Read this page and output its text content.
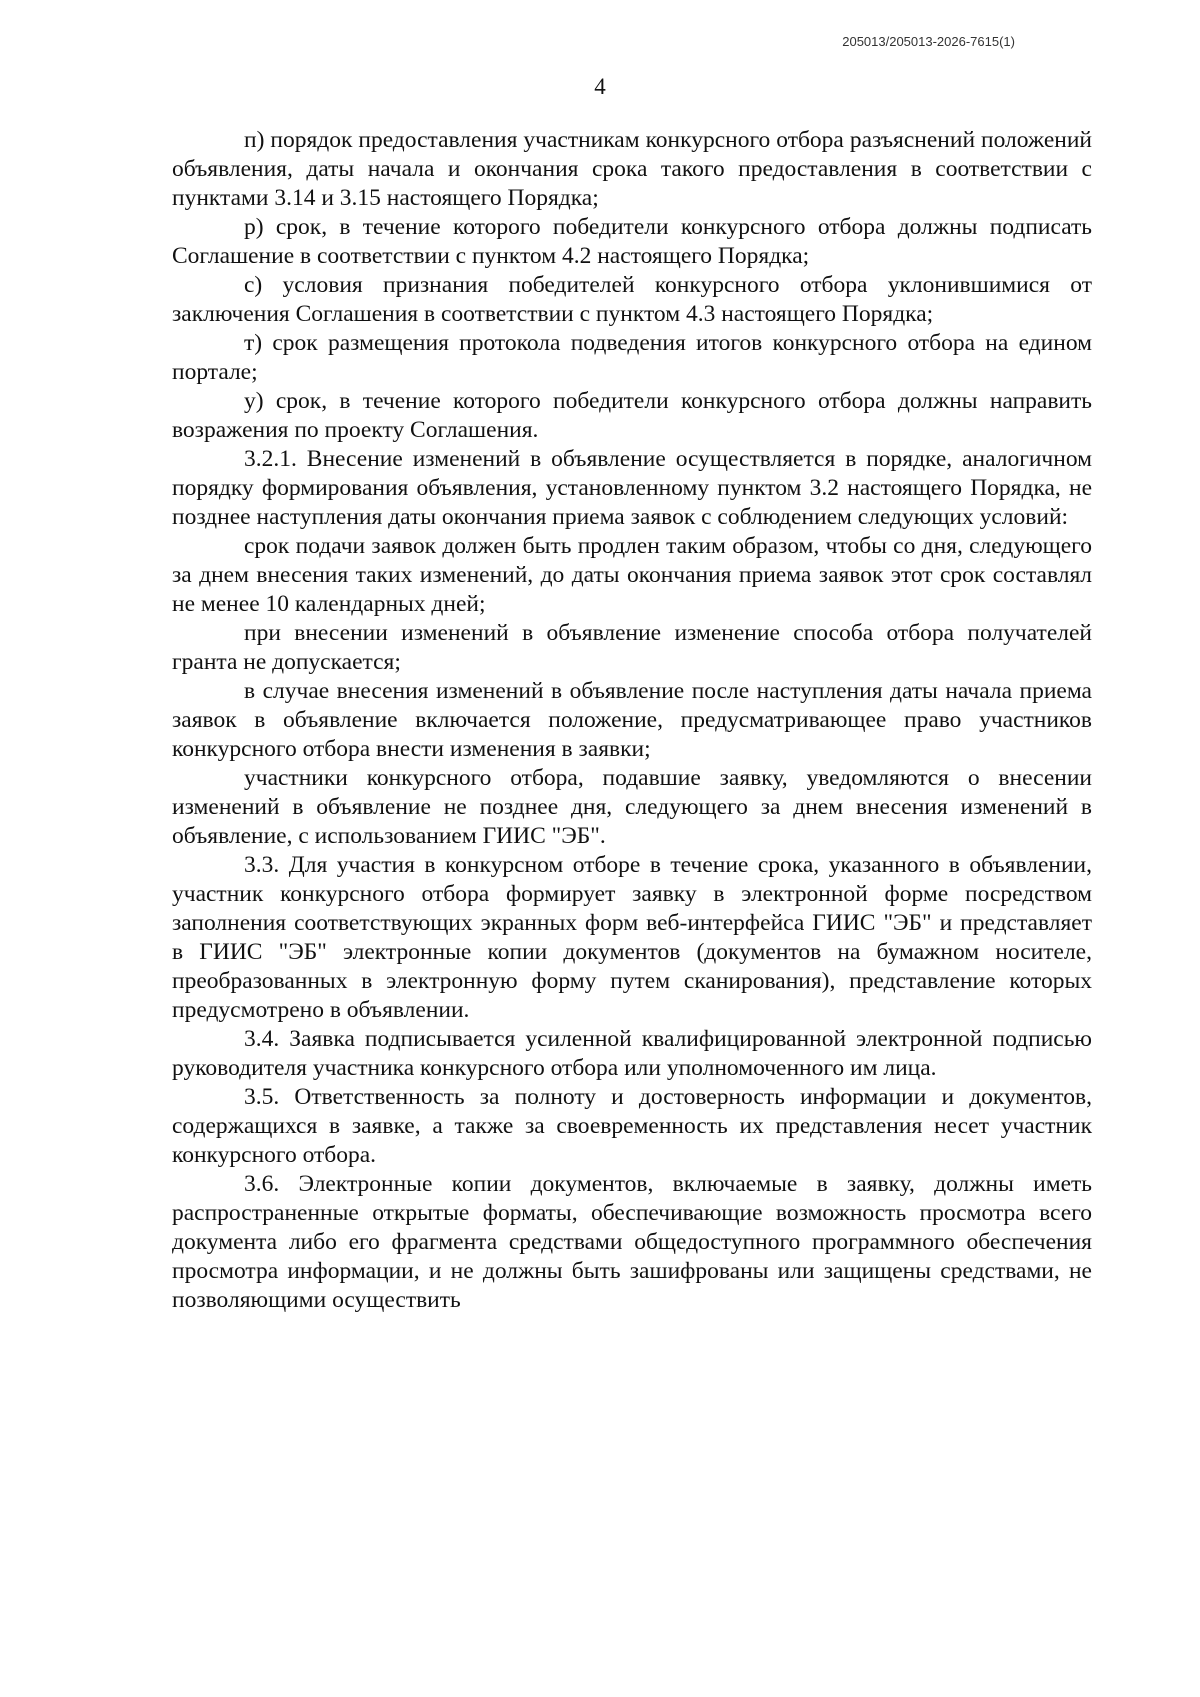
205013/205013-2026-7615(1)
4

п) порядок предоставления участникам конкурсного отбора разъяснений положений объявления, даты начала и окончания срока такого предоставления в соответствии с пунктами 3.14 и 3.15 настоящего Порядка;

р) срок, в течение которого победители конкурсного отбора должны подписать Соглашение в соответствии с пунктом 4.2 настоящего Порядка;

с) условия признания победителей конкурсного отбора уклонившимися от заключения Соглашения в соответствии с пунктом 4.3 настоящего Порядка;

т) срок размещения протокола подведения итогов конкурсного отбора на едином портале;

у) срок, в течение которого победители конкурсного отбора должны направить возражения по проекту Соглашения.

3.2.1. Внесение изменений в объявление осуществляется в порядке, аналогичном порядку формирования объявления, установленному пунктом 3.2 настоящего Порядка, не позднее наступления даты окончания приема заявок с соблюдением следующих условий:

срок подачи заявок должен быть продлен таким образом, чтобы со дня, следующего за днем внесения таких изменений, до даты окончания приема заявок этот срок составлял не менее 10 календарных дней;

при внесении изменений в объявление изменение способа отбора получателей гранта не допускается;

в случае внесения изменений в объявление после наступления даты начала приема заявок в объявление включается положение, предусматривающее право участников конкурсного отбора внести изменения в заявки;

участники конкурсного отбора, подавшие заявку, уведомляются о внесении изменений в объявление не позднее дня, следующего за днем внесения изменений в объявление, с использованием ГИИС "ЭБ".

3.3. Для участия в конкурсном отборе в течение срока, указанного в объявлении, участник конкурсного отбора формирует заявку в электронной форме посредством заполнения соответствующих экранных форм веб-интерфейса ГИИС "ЭБ" и представляет в ГИИС "ЭБ" электронные копии документов (документов на бумажном носителе, преобразованных в электронную форму путем сканирования), представление которых предусмотрено в объявлении.

3.4. Заявка подписывается усиленной квалифицированной электронной подписью руководителя участника конкурсного отбора или уполномоченного им лица.

3.5. Ответственность за полноту и достоверность информации и документов, содержащихся в заявке, а также за своевременность их представления несет участник конкурсного отбора.

3.6. Электронные копии документов, включаемые в заявку, должны иметь распространенные открытые форматы, обеспечивающие возможность просмотра всего документа либо его фрагмента средствами общедоступного программного обеспечения просмотра информации, и не должны быть зашифрованы или защищены средствами, не позволяющими осуществить
